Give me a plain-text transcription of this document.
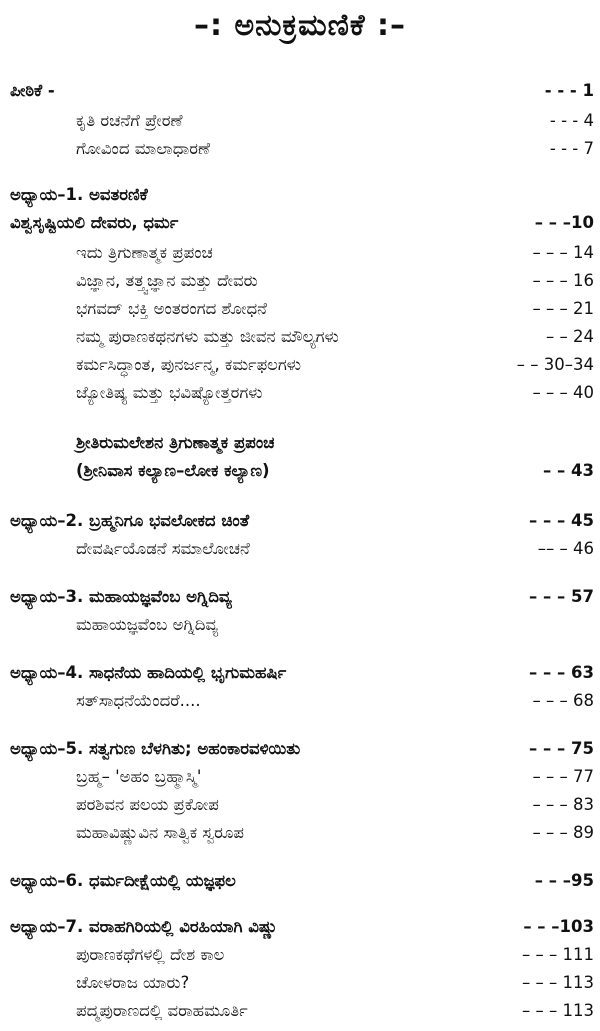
–: ಅನುಕ್ರಮಣಿಕೆ :–
ಪೀಠಿಕೆ -	- - - 1
ಕೃತಿ ರಚನೆಗೆ ಪ್ರೇರಣೆ	- - - 4
ಗೋವಿಂದ ಮಾಲಾಧಾರಣೆ	- - - 7
ಅಧ್ಯಾಯ–1. ಅವತರಣಿಕೆ
ವಿಶ್ವಸೃಷ್ಟಿಯಲಿ ದೇವರು, ಧರ್ಮ	– – –10
ಇದು ತ್ರಿಗುಣಾತ್ಮಕ ಪ್ರಪಂಚ	– – – 14
ವಿಜ್ಞಾನ, ತತ್ತ್ವಜ್ಞಾನ ಮತ್ತು ದೇವರು	– – – 16
ಭಗವದ್ ಭಕ್ತಿ ಅಂತರಂಗದ ಶೋಧನೆ	– – – 21
ನಮ್ಮ ಪುರಾಣಕಥನಗಳು ಮತ್ತು ಜೀವನ ಮೌಲ್ಯಗಳು	– – 24
ಕರ್ಮಸಿದ್ಧಾಂತ, ಪುನರ್ಜನ್ಮ, ಕರ್ಮಫಲಗಳು	– – 30–34
ಜ್ಯೋತಿಷ್ಯ ಮತ್ತು ಭವಿಷ್ಯೋತ್ತರಗಳು	– – – 40
ಶ್ರೀತಿರುಮಲೇಶನ ತ್ರಿಗುಣಾತ್ಮಕ ಪ್ರಪಂಚ
(ಶ್ರೀನಿವಾಸ ಕಲ್ಯಾಣ–ಲೋಕ ಕಲ್ಯಾಣ)	– – 43
ಅಧ್ಯಾಯ–2. ಬ್ರಹ್ಮನಿಗೂ ಭವಲೋಕದ ಚಿಂತೆ	– – – 45
ದೇವರ್ಷಿಯೊಡನೆ ಸಮಾಲೋಚನೆ	–– – 46
ಅಧ್ಯಾಯ–3. ಮಹಾಯಜ್ಞವೆಂಬ ಅಗ್ನಿದಿವ್ಯ	– – – 57
ಮಹಾಯಜ್ಞವೆಂಬ ಅಗ್ನಿದಿವ್ಯ
ಅಧ್ಯಾಯ–4. ಸಾಧನೆಯ ಹಾದಿಯಲ್ಲಿ ಭೃಗುಮಹರ್ಷಿ	– – – 63
ಸತ್‌ಸಾಧನೆಯೆಂದರೆ....	– – – 68
ಅಧ್ಯಾಯ–5. ಸತ್ವಗುಣ ಬೆಳಗಿತು; ಅಹಂಕಾರವಳಿಯಿತು	– – – 75
ಬ್ರಹ್ಮ– 'ಅಹಂ ಬ್ರಹ್ಮಾಸ್ಮಿ'	– – – 77
ಪರಶಿವನ ಪಲಯ ಪ್ರಕೋಪ	– – – 83
ಮಹಾವಿಷ್ಣುವಿನ ಸಾತ್ವಿಕ ಸ್ವರೂಪ	– – – 89
ಅಧ್ಯಾಯ–6. ಧರ್ಮದೀಕ್ಷೆಯಲ್ಲಿ ಯಜ್ಞಫಲ	– – –95
ಅಧ್ಯಾಯ–7. ವರಾಹಗಿರಿಯಲ್ಲಿ ವಿರಹಿಯಾಗಿ ವಿಷ್ಣು	– – –103
ಪುರಾಣಕಥೆಗಳಲ್ಲಿ ದೇಶ ಕಾಲ	– – – 111
ಚೋಳರಾಜ ಯಾರು?	– – – 113
ಪದ್ಮಪುರಾಣದಲ್ಲಿ ವರಾಹಮೂರ್ತಿ	– – – 113
